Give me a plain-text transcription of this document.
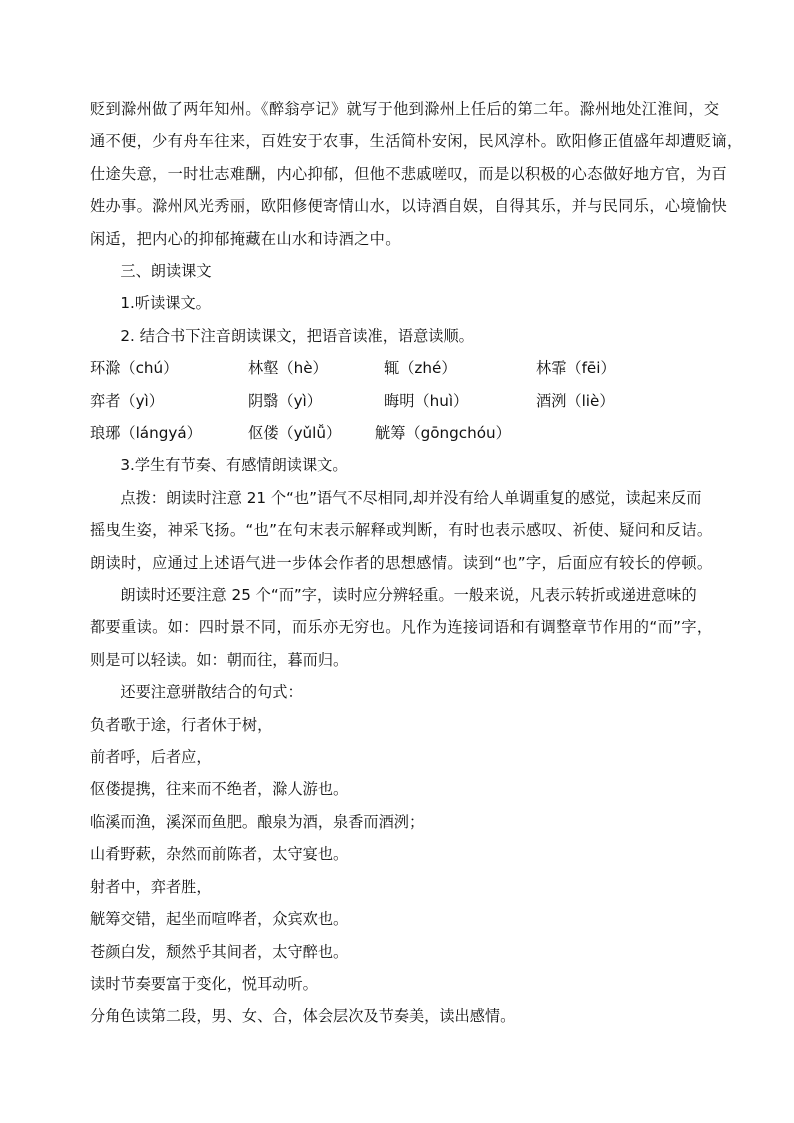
贬到滁州做了两年知州。《醉翁亭记》就写于他到滁州上任后的第二年。滁州地处江淮间，交

通不便，少有舟车往来，百姓安于农事，生活简朴安闲，民风淳朴。欧阳修正值盛年却遭贬谪，

仕途失意，一时壮志难酬，内心抑郁，但他不悲戚嗟叹，而是以积极的心态做好地方官，为百

姓办事。滁州风光秀丽，欧阳修便寄情山水，以诗酒自娱，自得其乐，并与民同乐，心境愉快

闲适，把内心的抑郁掩藏在山水和诗酒之中。

三、朗读课文

1.听读课文。

2. 结合书下注音朗读课文，把语音读准，语意读顺。

环滁（chú）	林壑（hè）	辄（zhé）	林霏（fēi）
弈者（yì）	阴翳（yì）	晦明（huì）	酒洌（liè）
琅琊（lángyá）	伛偻（yǔlǚ） 觥筹（gōngchóu）

3.学生有节奏、有感情朗读课文。

点拨：朗读时注意 21 个“也”语气不尽相同,却并没有给人单调重复的感觉，读起来反而

摇曳生姿，神采飞扬。“也”在句末表示解释或判断，有时也表示感叹、祈使、疑问和反诘。

朗读时，应通过上述语气进一步体会作者的思想感情。读到“也”字，后面应有较长的停顿。

朗读时还要注意 25 个“而”字，读时应分辨轻重。一般来说，凡表示转折或递进意味的

都要重读。如：四时景不同，而乐亦无穷也。凡作为连接词语和有调整章节作用的“而”字，

则是可以轻读。如：朝而往，暮而归。

还要注意骈散结合的句式：

负者歌于途，行者休于树，

前者呼，后者应，

伛偻提携，往来而不绝者，滁人游也。

临溪而渔，溪深而鱼肥。酿泉为酒，泉香而酒洌；

山肴野蔌，杂然而前陈者，太守宴也。

射者中，弈者胜，

觥筹交错，起坐而喧哗者，众宾欢也。

苍颜白发，颓然乎其间者，太守醉也。

读时节奏要富于变化，悦耳动听。

分角色读第二段，男、女、合，体会层次及节奏美，读出感情。
